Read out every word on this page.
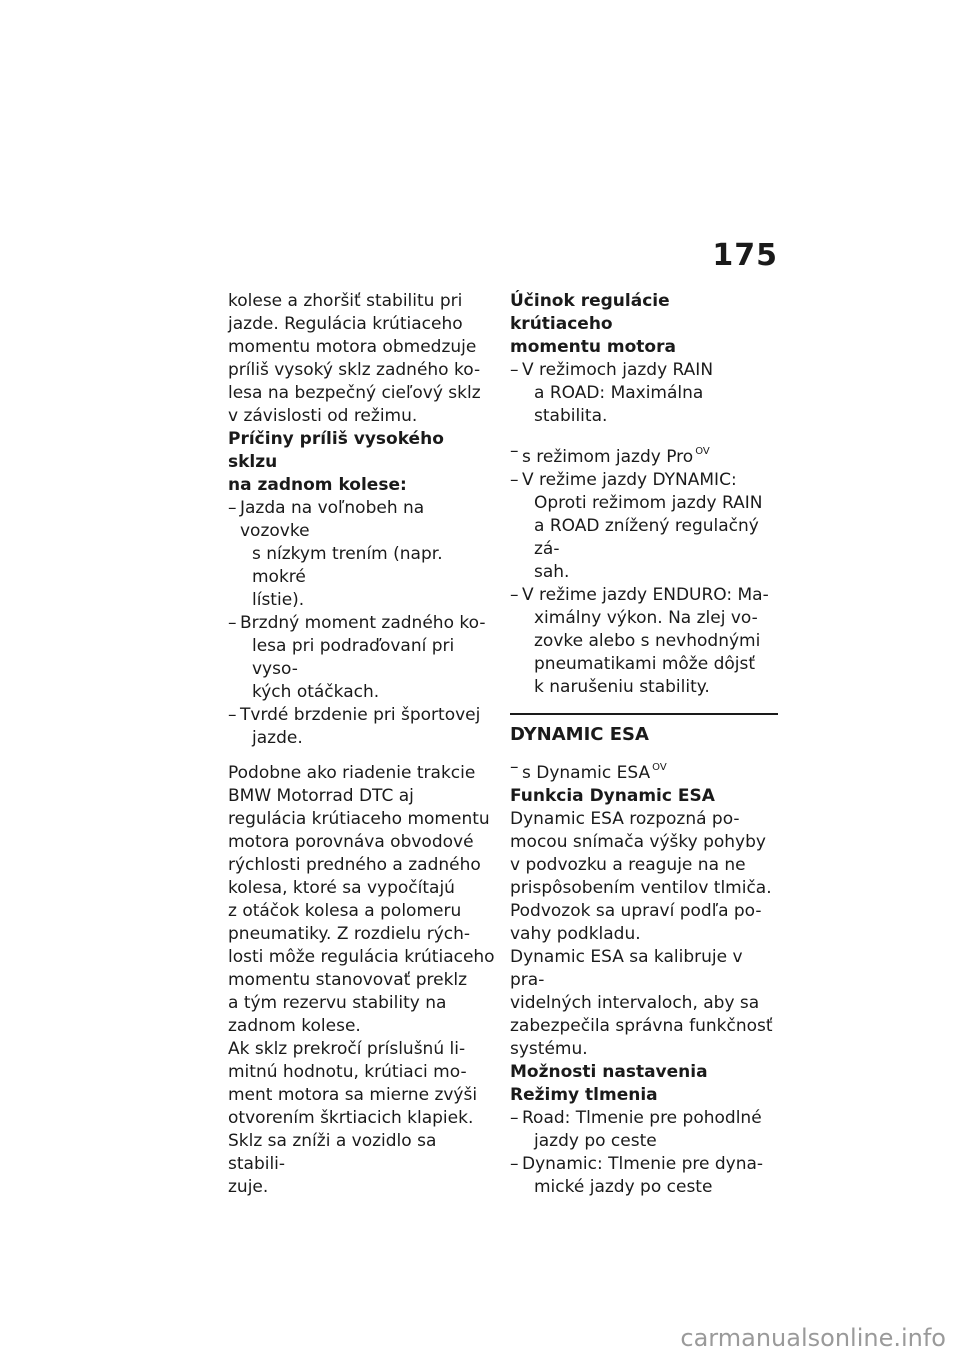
175

kolese a zhoršiť stabilitu pri
jazde. Regulácia krútiaceho
momentu motora obmedzuje
príliš vysoký sklz zadného ko-
lesa na bezpečný cieľový sklz
v závislosti od režimu.

Príčiny príliš vysokého sklzu
na zadnom kolese:

– Jazda na voľnobeh na vozovke
s nízkym trením (napr. mokré
lístie).
– Brzdný moment zadného ko-
lesa pri podraďovaní pri vyso-
kých otáčkach.
– Tvrdé brzdenie pri športovej
jazde.

Podobne ako riadenie trakcie
BMW Motorrad DTC aj
regulácia krútiaceho momentu
motora porovnáva obvodové
rýchlosti predného a zadného
kolesa, ktoré sa vypočítajú
z otáčok kolesa a polomeru
pneumatiky. Z rozdielu rých-
losti môže regulácia krútiaceho
momentu stanovovať preklz
a tým rezervu stability na
zadnom kolese.

Ak sklz prekročí príslušnú li-
mitnú hodnotu, krútiaci mo-
ment motora sa mierne zvýši
otvorením škrtiacich klapiek.
Sklz sa zníži a vozidlo sa stabili-
zuje.

Účinok regulácie krútiaceho
momentu motora

– V režimoch jazdy RAIN
a ROAD: Maximálna stabilita.
– s režimom jazdy Pro $^{OV}$
– V režime jazdy DYNAMIC:
Oproti režimom jazdy RAIN
a ROAD znížený regulačný zá-
sah.
– V režime jazdy ENDURO: Ma-
ximálny výkon. Na zlej vo-
zovke alebo s nevhodnými
pneumatikami môže dôjsť
k narušeniu stability.

DYNAMIC ESA

– s Dynamic ESA $^{OV}$

Funkcia Dynamic ESA

Dynamic ESA rozpozná po-
mocou snímača výšky pohyby
v podvozku a reaguje na ne
prispôsobením ventilov tlmiča.
Podvozok sa upraví podľa po-
vahy podkladu.

Dynamic ESA sa kalibruje v pra-
videlných intervaloch, aby sa
zabezpečila správna funkčnosť
systému.

Možnosti nastavenia

Režimy tlmenia

– Road: Tlmenie pre pohodlné
jazdy po ceste
– Dynamic: Tlmenie pre dyna-
mické jazdy po ceste
carmanualsonline.info
